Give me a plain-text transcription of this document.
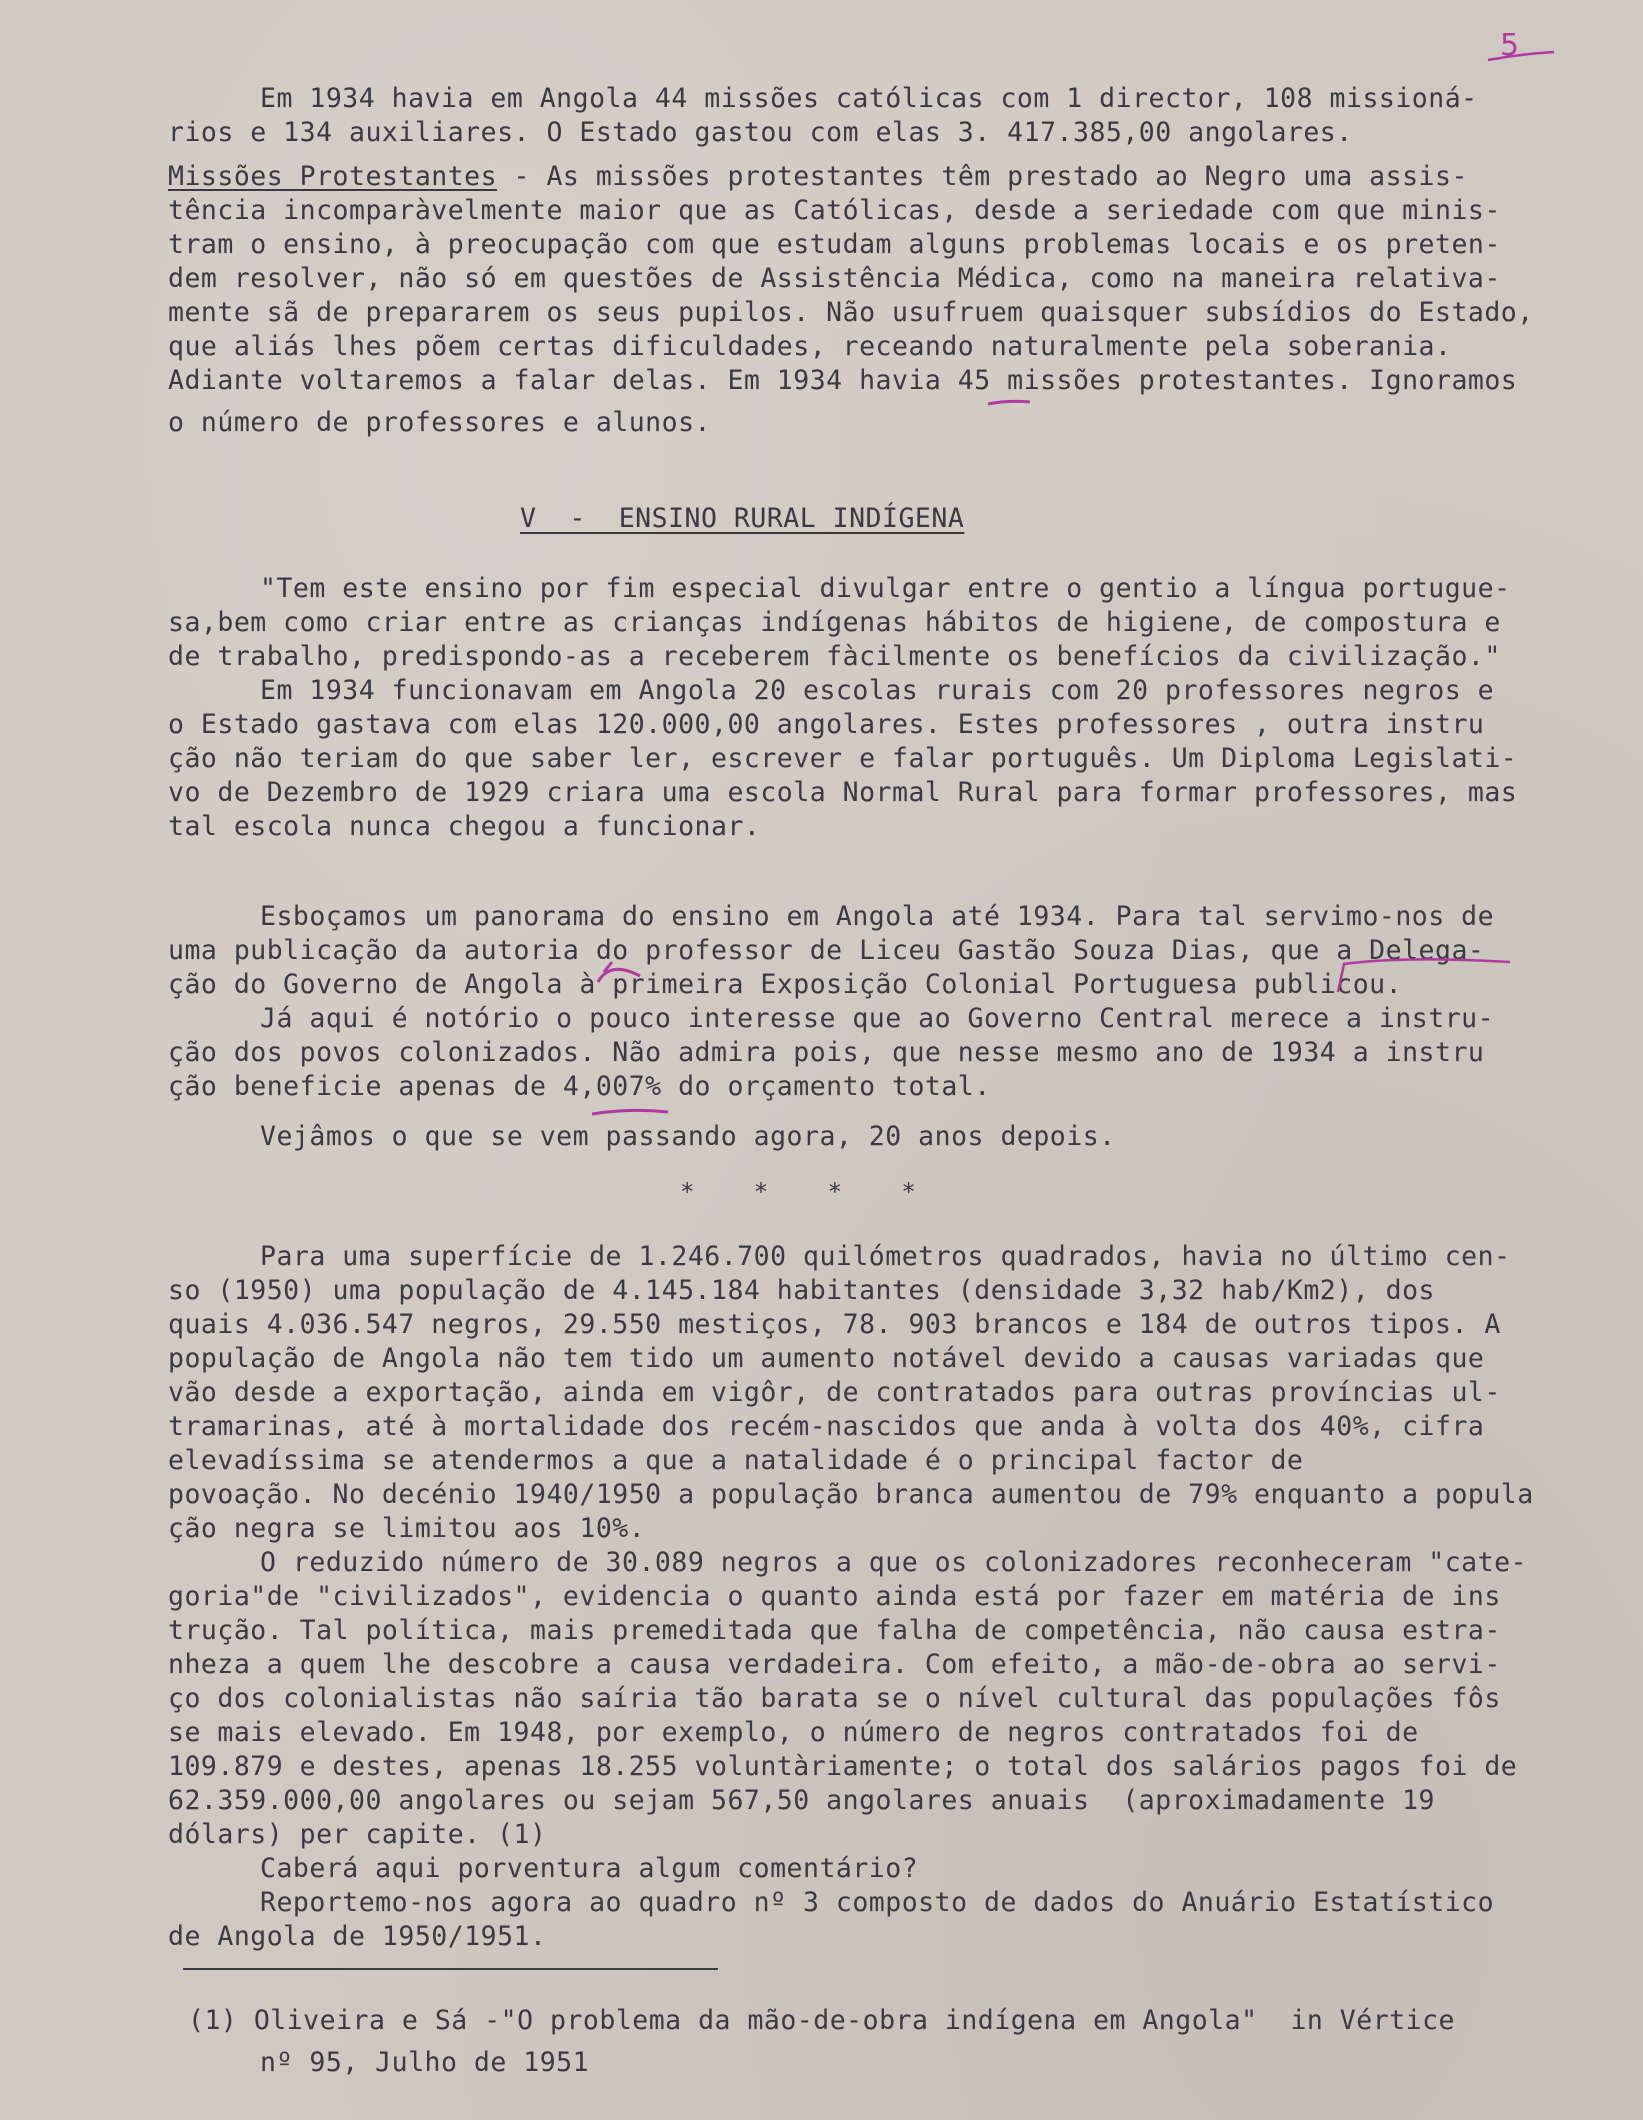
5
Em 1934 havia em Angola 44 missões católicas com 1 director, 108 missioná-
rios e 134 auxiliares. O Estado gastou com elas 3. 417.385,00 angolares.
Missões Protestantes - As missões protestantes têm prestado ao Negro uma assis-
tência incomparàvelmente maior que as Católicas, desde a seriedade com que minis-
tram o ensino, à preocupação com que estudam alguns problemas locais e os preten-
dem resolver, não só em questões de Assistência Médica, como na maneira relativa-
mente sã de prepararem os seus pupilos. Não usufruem quaisquer subsídios do Estado,
que aliás lhes põem certas dificuldades, receando naturalmente pela soberania.
Adiante voltaremos a falar delas. Em 1934 havia 45 missões protestantes. Ignoramos
o número de professores e alunos.
V  -  ENSINO RURAL INDÍGENA
"Tem este ensino por fim especial divulgar entre o gentio a língua portugue-
sa,bem como criar entre as crianças indígenas hábitos de higiene, de compostura e
de trabalho, predispondo-as a receberem fàcilmente os benefícios da civilização."
Em 1934 funcionavam em Angola 20 escolas rurais com 20 professores negros e
o Estado gastava com elas 120.000,00 angolares. Estes professores , outra instru
ção não teriam do que saber ler, escrever e falar português. Um Diploma Legislati-
vo de Dezembro de 1929 criara uma escola Normal Rural para formar professores, mas
tal escola nunca chegou a funcionar.
Esboçamos um panorama do ensino em Angola até 1934. Para tal servimo-nos de
uma publicação da autoria do professor de Liceu Gastão Souza Dias, que a Delega-
ção do Governo de Angola à primeira Exposição Colonial Portuguesa publicou.
Já aqui é notório o pouco interesse que ao Governo Central merece a instru-
ção dos povos colonizados. Não admira pois, que nesse mesmo ano de 1934 a instru
ção beneficie apenas de 4,007% do orçamento total.
Vejâmos o que se vem passando agora, 20 anos depois.
*   *   *   *
Para uma superfície de 1.246.700 quilómetros quadrados, havia no último cen-
so (1950) uma população de 4.145.184 habitantes (densidade 3,32 hab/Km2), dos
quais 4.036.547 negros, 29.550 mestiços, 78. 903 brancos e 184 de outros tipos. A
população de Angola não tem tido um aumento notável devido a causas variadas que
vão desde a exportação, ainda em vigôr, de contratados para outras províncias ul-
tramarinas, até à mortalidade dos recém-nascidos que anda à volta dos 40%, cifra
elevadíssima se atendermos a que a natalidade é o principal factor de
povoação. No decénio 1940/1950 a população branca aumentou de 79% enquanto a popula
ção negra se limitou aos 10%.
O reduzido número de 30.089 negros a que os colonizadores reconheceram "cate-
goria"de "civilizados", evidencia o quanto ainda está por fazer em matéria de ins
trução. Tal política, mais premeditada que falha de competência, não causa estra-
nheza a quem lhe descobre a causa verdadeira. Com efeito, a mão-de-obra ao servi-
ço dos colonialistas não saíria tão barata se o nível cultural das populações fôs
se mais elevado. Em 1948, por exemplo, o número de negros contratados foi de
109.879 e destes, apenas 18.255 voluntàriamente; o total dos salários pagos foi de
62.359.000,00 angolares ou sejam 567,50 angolares anuais  (aproximadamente 19
dólars) per capite. (1)
Caberá aqui porventura algum comentário?
Reportemo-nos agora ao quadro nº 3 composto de dados do Anuário Estatístico
de Angola de 1950/1951.
(1) Oliveira e Sá -"O problema da mão-de-obra indígena em Angola"  in Vértice
nº 95, Julho de 1951
